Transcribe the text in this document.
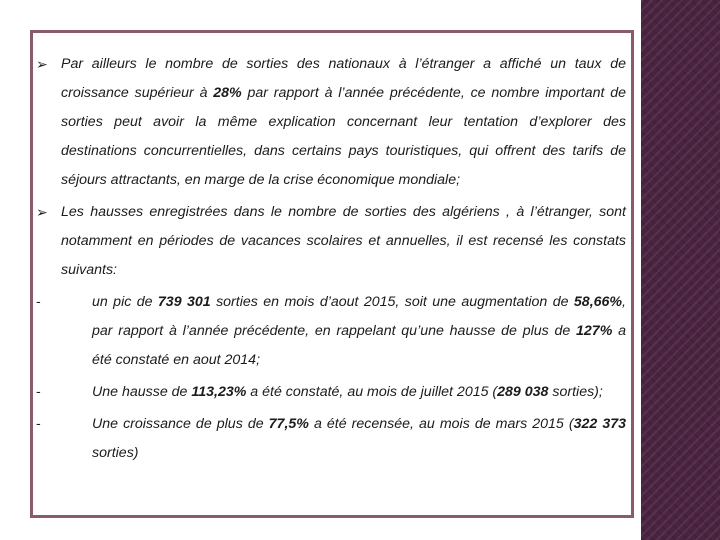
➢ Par ailleurs le nombre de sorties des nationaux à l’étranger a affiché un taux de croissance supérieur à 28% par rapport à l’année précédente, ce nombre important de sorties peut avoir la même explication concernant leur tentation d’explorer des destinations concurrentielles, dans certains pays touristiques, qui offrent des tarifs de séjours attractants, en marge de la crise économique mondiale;
➢ Les hausses enregistrées dans le nombre de sorties des algériens , à l’étranger, sont notamment en périodes de vacances scolaires et annuelles, il est recensé les constats suivants:
-	un pic de 739 301 sorties en mois d’aout 2015, soit une augmentation de 58,66%, par rapport à l’année précédente, en rappelant qu’une hausse de plus de 127% a été constaté en aout 2014;
-	Une hausse de 113,23% a été constaté, au mois de juillet 2015 (289 038 sorties);
-	Une croissance de plus de 77,5% a été recensée, au mois de mars 2015 (322 373 sorties)
